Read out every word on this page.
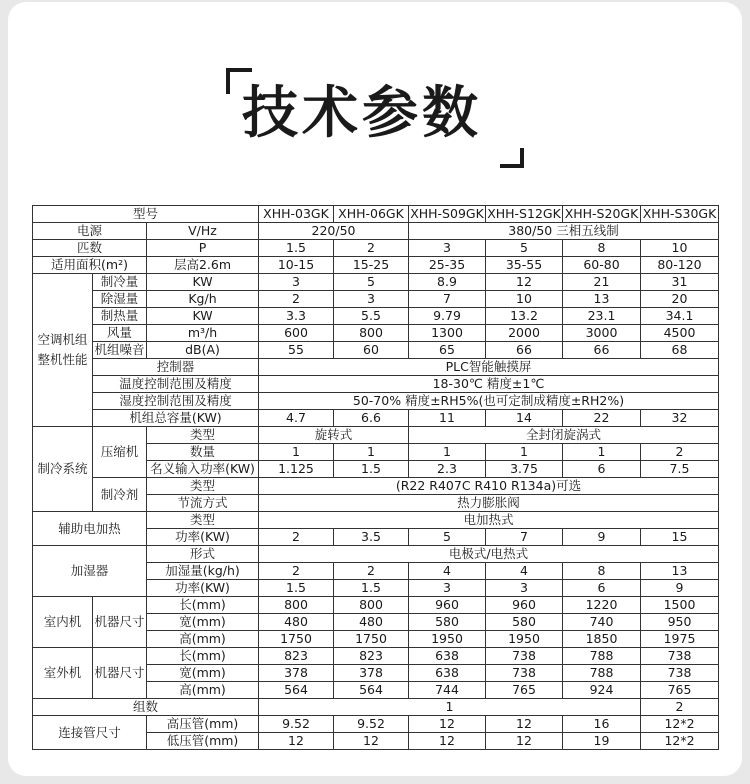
技术参数
型号			XHH-03GK	XHH-06GK	XHH-S09GK	XHH-S12GK	XHH-S20GK	XHH-S30GK
电源		V/Hz	220/50		380/50 三相五线制			
匹数		P	1.5	2	3	5	8	10
适用面积(m²)		层高2.6m	10-15	15-25	25-35	35-55	60-80	80-120
空调机组整机性能	制冷量	KW	3	5	8.9	12	21	31
	除湿量	Kg/h	2	3	7	10	13	20
	制热量	KW	3.3	5.5	9.79	13.2	23.1	34.1
	风量	m³/h	600	800	1300	2000	3000	4500
	机组噪音	dB(A)	55	60	65	66	66	68
	控制器		PLC智能触摸屏					
	温度控制范围及精度		18-30℃ 精度±1℃					
	湿度控制范围及精度		50-70% 精度±RH5%(也可定制成精度±RH2%)					
	机组总容量(KW)		4.7	6.6	11	14	22	32
制冷系统	压缩机	类型	旋转式		全封闭旋涡式			
		数量	1	1	1	1	1	2
		名义输入功率(KW)	1.125	1.5	2.3	3.75	6	7.5
	制冷剂	类型	(R22 R407C R410 R134a)可选					
		节流方式	热力膨胀阀					
辅助电加热		类型	电加热式					
		功率(KW)	2	3.5	5	7	9	15
加湿器		形式	电极式/电热式					
		加湿量(kg/h)	2	2	4	4	8	13
		功率(KW)	1.5	1.5	3	3	6	9
室内机	机器尺寸	长(mm)	800	800	960	960	1220	1500
		宽(mm)	480	480	580	580	740	950
		高(mm)	1750	1750	1950	1950	1850	1975
室外机	机器尺寸	长(mm)	823	823	638	738	788	738
		宽(mm)	378	378	638	738	788	738
		高(mm)	564	564	744	765	924	765
组数			1					2
连接管尺寸		高压管(mm)	9.52	9.52	12	12	16	12*2
		低压管(mm)	12	12	12	12	19	12*2
